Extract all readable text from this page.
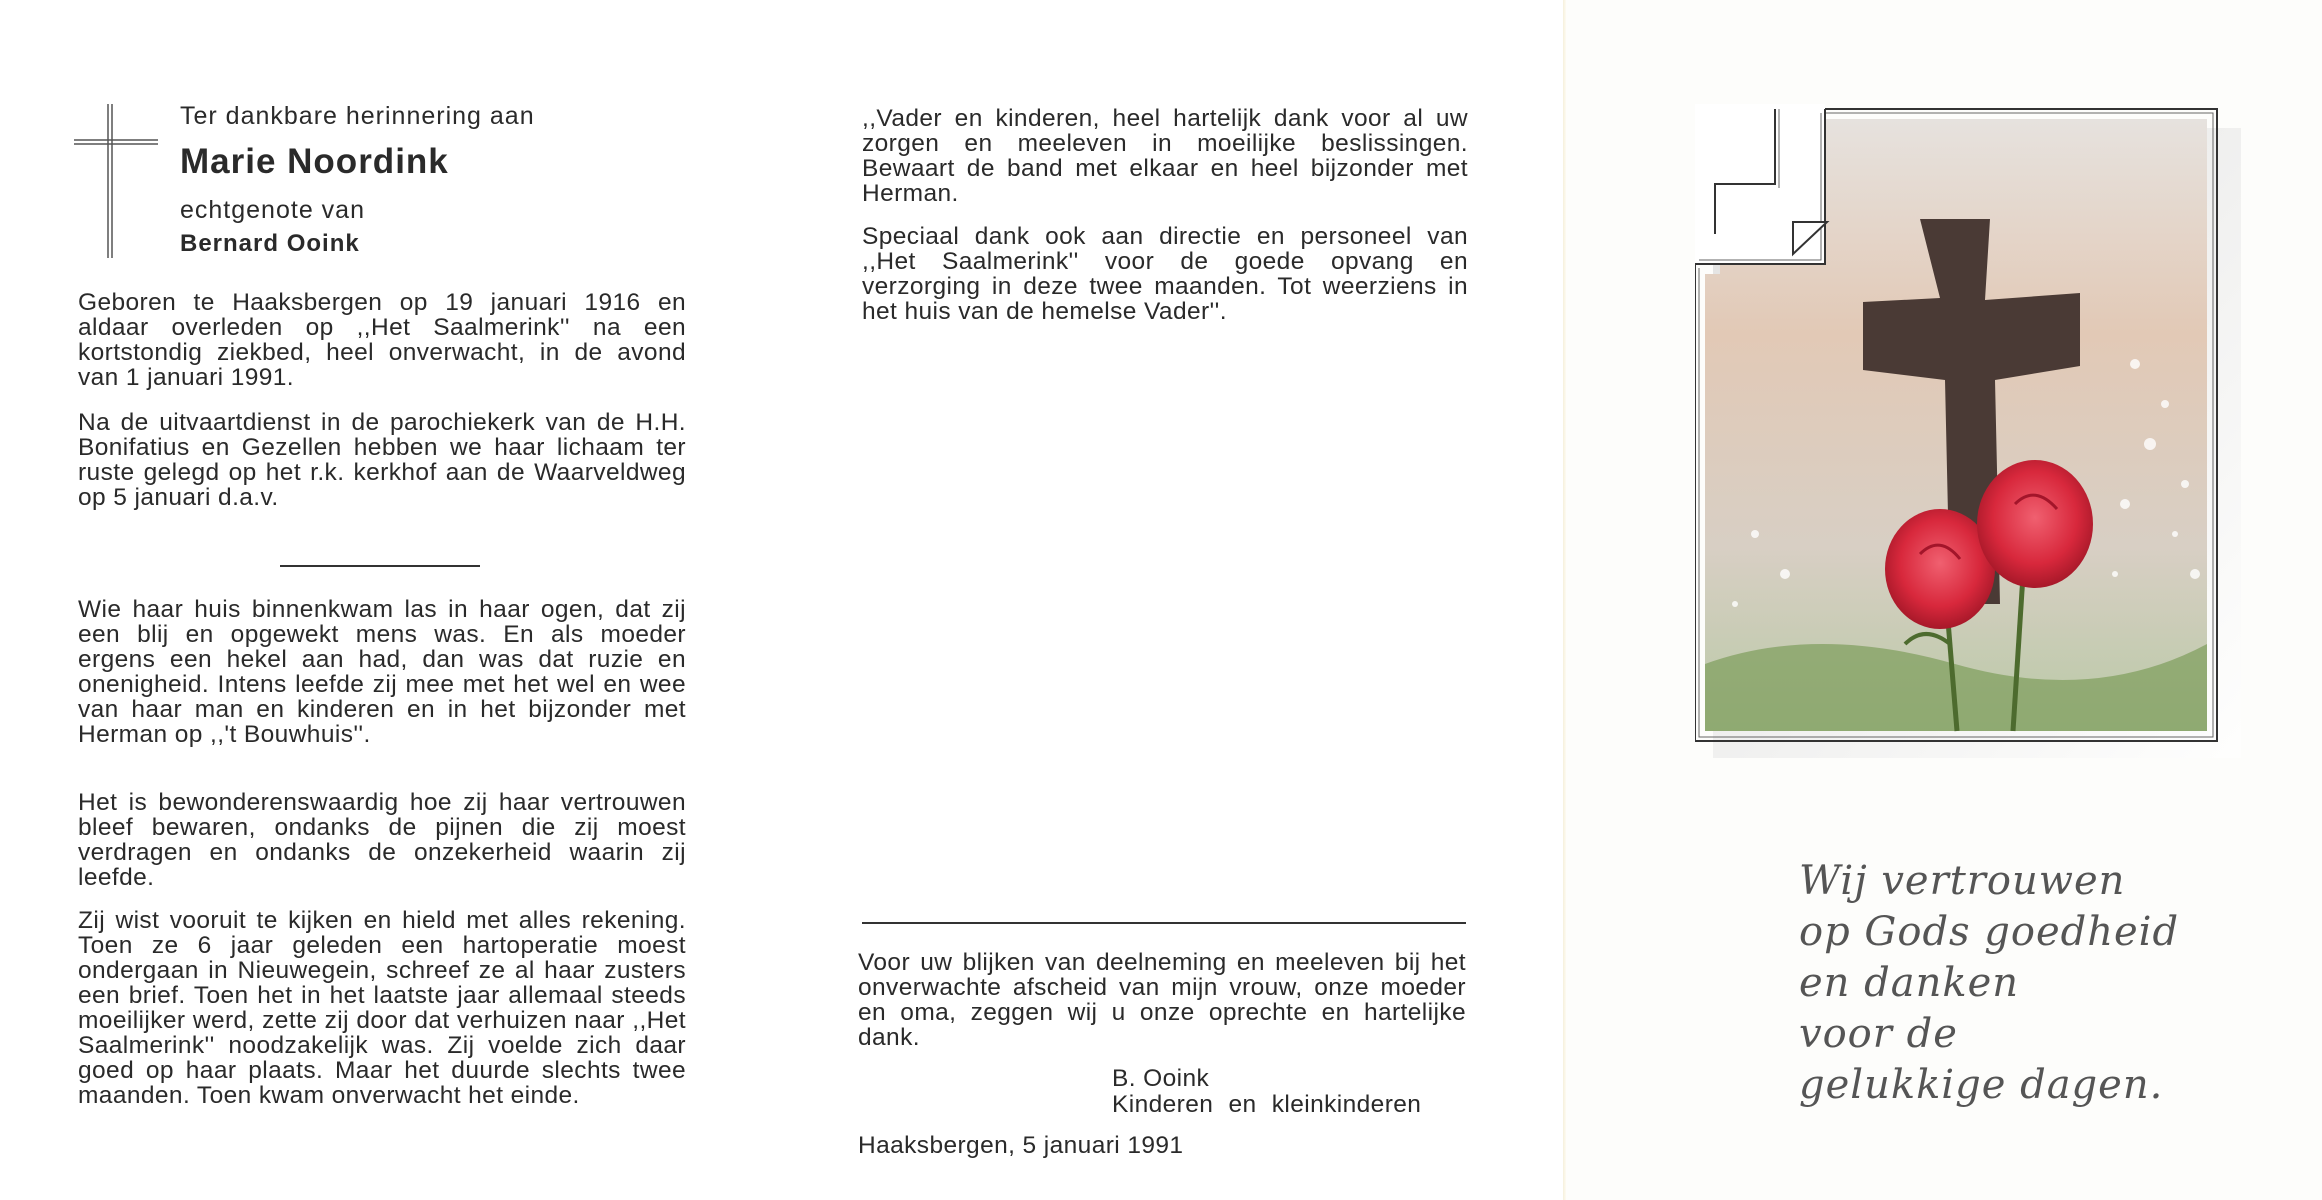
Ter dankbare herinnering aan
Marie Noordink
echtgenote van
Bernard Ooink
Geboren te Haaksbergen op 19 januari 1916 en aldaar overleden op ,,Het Saalmerink'' na een kortstondig ziekbed, heel onverwacht, in de avond van 1 januari 1991.
Na de uitvaartdienst in de parochiekerk van de H.H. Bonifatius en Gezellen hebben we haar lichaam ter ruste gelegd op het r.k. kerkhof aan de Waarveldweg op 5 januari d.a.v.
Wie haar huis binnenkwam las in haar ogen, dat zij een blij en opgewekt mens was. En als moeder ergens een hekel aan had, dan was dat ruzie en onenigheid. Intens leefde zij mee met het wel en wee van haar man en kinderen en in het bijzonder met Herman op ,,'t Bouwhuis''.
Het is bewonderenswaardig hoe zij haar vertrouwen bleef bewaren, ondanks de pijnen die zij moest verdragen en ondanks de onzekerheid waarin zij leefde.
Zij wist vooruit te kijken en hield met alles rekening. Toen ze 6 jaar geleden een hartoperatie moest ondergaan in Nieuwegein, schreef ze al haar zusters een brief. Toen het in het laatste jaar allemaal steeds moeilijker werd, zette zij door dat verhuizen naar ,,Het Saalmerink'' noodzakelijk was. Zij voelde zich daar goed op haar plaats. Maar het duurde slechts twee maanden. Toen kwam onverwacht het einde.
,,Vader en kinderen, heel hartelijk dank voor al uw zorgen en meeleven in moeilijke beslissingen. Bewaart de band met elkaar en heel bijzonder met Herman.
Speciaal dank ook aan directie en personeel van ,,Het Saalmerink'' voor de goede opvang en verzorging in deze twee maanden. Tot weerziens in het huis van de hemelse Vader''.
Voor uw blijken van deelneming en meeleven bij het onverwachte afscheid van mijn vrouw, onze moeder en oma, zeggen wij u onze oprechte en hartelijke dank.
B. Ooink
Kinderen en kleinkinderen
Haaksbergen, 5 januari 1991
Wij vertrouwen
op Gods goedheid
en danken
voor de
gelukkige dagen.
